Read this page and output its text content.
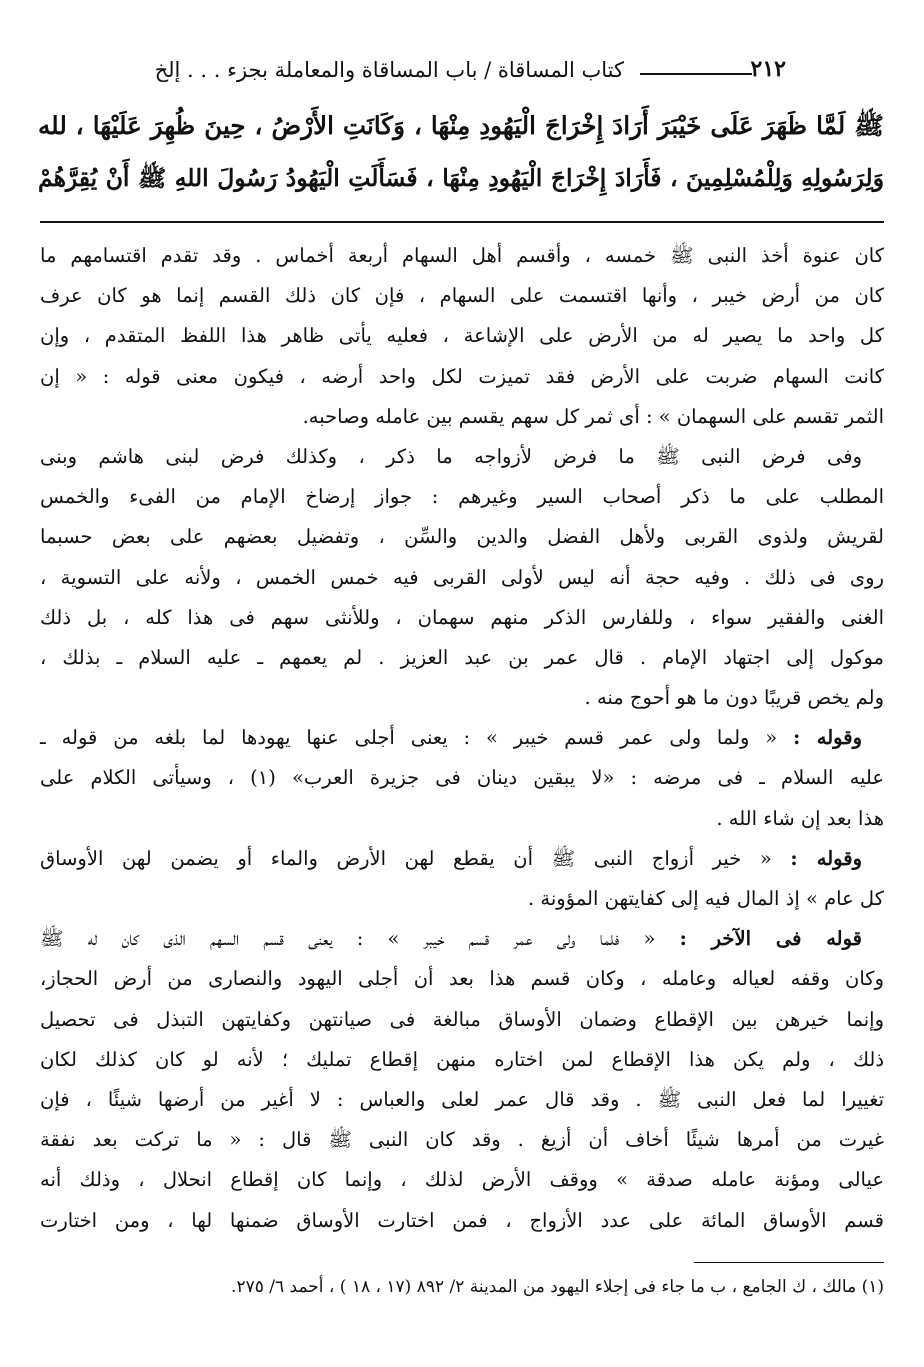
٢١٢
كتاب المساقاة / باب المساقاة والمعاملة بجزء . . . إلخ

ﷺ لَمَّا ظَهَرَ عَلَى خَيْبَرَ أَرَادَ إِخْرَاجَ الْيَهُودِ مِنْهَا ، وَكَانَتِ الأَرْضُ ، حِينَ ظُهِرَ عَلَيْهَا ، لله

وَلِرَسُولِهِ وَلِلْمُسْلِمِينَ ، فَأَرَادَ إِخْرَاجَ الْيَهُودِ مِنْهَا ، فَسَأَلَتِ الْيَهُودُ رَسُولَ اللهِ ﷺ أَنْ يُقِرَّهُمْ

كان عنوة أخذ النبى ﷺ خمسه ، وأقسم أهل السهام أربعة أخماس . وقد تقدم اقتسامهم ما
كان من أرض خيبر ، وأنها اقتسمت على السهام ، فإن كان ذلك القسم إنما هو كان عرف
كل واحد ما يصير له من الأرض على الإشاعة ، فعليه يأتى ظاهر هذا اللفظ المتقدم ، وإن
كانت السهام ضربت على الأرض فقد تميزت لكل واحد أرضه ، فيكون معنى قوله : « إن
الثمر تقسم على السهمان » : أى ثمر كل سهم يقسم بين عامله وصاحبه.
وفى فرض النبى ﷺ ما فرض لأزواجه ما ذكر ، وكذلك فرض لبنى هاشم وبنى
المطلب على ما ذكر أصحاب السير وغيرهم : جواز إرضاخ الإمام من الفىء والخمس
لقريش ولذوى القربى ولأهل الفضل والدين والسِّن ، وتفضيل بعضهم على بعض حسبما
روى فى ذلك . وفيه حجة أنه ليس لأولى القربى فيه خمس الخمس ، ولأنه على التسوية ،
الغنى والفقير سواء ، وللفارس الذكر منهم سهمان ، وللأنثى سهم فى هذا كله ، بل ذلك
موكول إلى اجتهاد الإمام . قال عمر بن عبد العزيز . لم يعمهم ـ عليه السلام ـ بذلك ،
ولم يخص قريبًا دون ما هو أحوج منه .
وقوله : « ولما ولى عمر قسم خيبر » : يعنى أجلى عنها يهودها لما بلغه من قوله ـ
عليه السلام ـ فى مرضه : «لا يبقين دينان فى جزيرة العرب» (١) ، وسيأتى الكلام على
هذا بعد إن شاء الله .
وقوله : « خير أزواج النبى ﷺ أن يقطع لهن الأرض والماء أو يضمن لهن الأوساق
كل عام » إذ المال فيه إلى كفايتهن المؤونة .
قوله فى الآخر : « فلما ولى عمر قسم خيبر » : يعنى قسم السهم الذى كان له ﷺ
وكان وقفه لعياله وعامله ، وكان قسم هذا بعد أن أجلى اليهود والنصارى من أرض الحجاز،
وإنما خيرهن بين الإقطاع وضمان الأوساق مبالغة فى صيانتهن وكفايتهن التبذل فى تحصيل
ذلك ، ولم يكن هذا الإقطاع لمن اختاره منهن إقطاع تمليك ؛ لأنه لو كان كذلك لكان
تغييرا لما فعل النبى ﷺ . وقد قال عمر لعلى والعباس : لا أغير من أرضها شيئًا ، فإن
غيرت من أمرها شيئًا أخاف أن أزيغ . وقد كان النبى ﷺ قال : « ما تركت بعد نفقة
عيالى ومؤنة عامله صدقة » ووقف الأرض لذلك ، وإنما كان إقطاع انحلال ، وذلك أنه
قسم الأوساق المائة على عدد الأزواج ، فمن اختارت الأوساق ضمنها لها ، ومن اختارت
(١) مالك ، ك الجامع ، ب ما جاء فى إجلاء اليهود من المدينة ٢/ ٨٩٢ (١٧ ، ١٨ ) ، أحمد ٦/ ٢٧٥.
